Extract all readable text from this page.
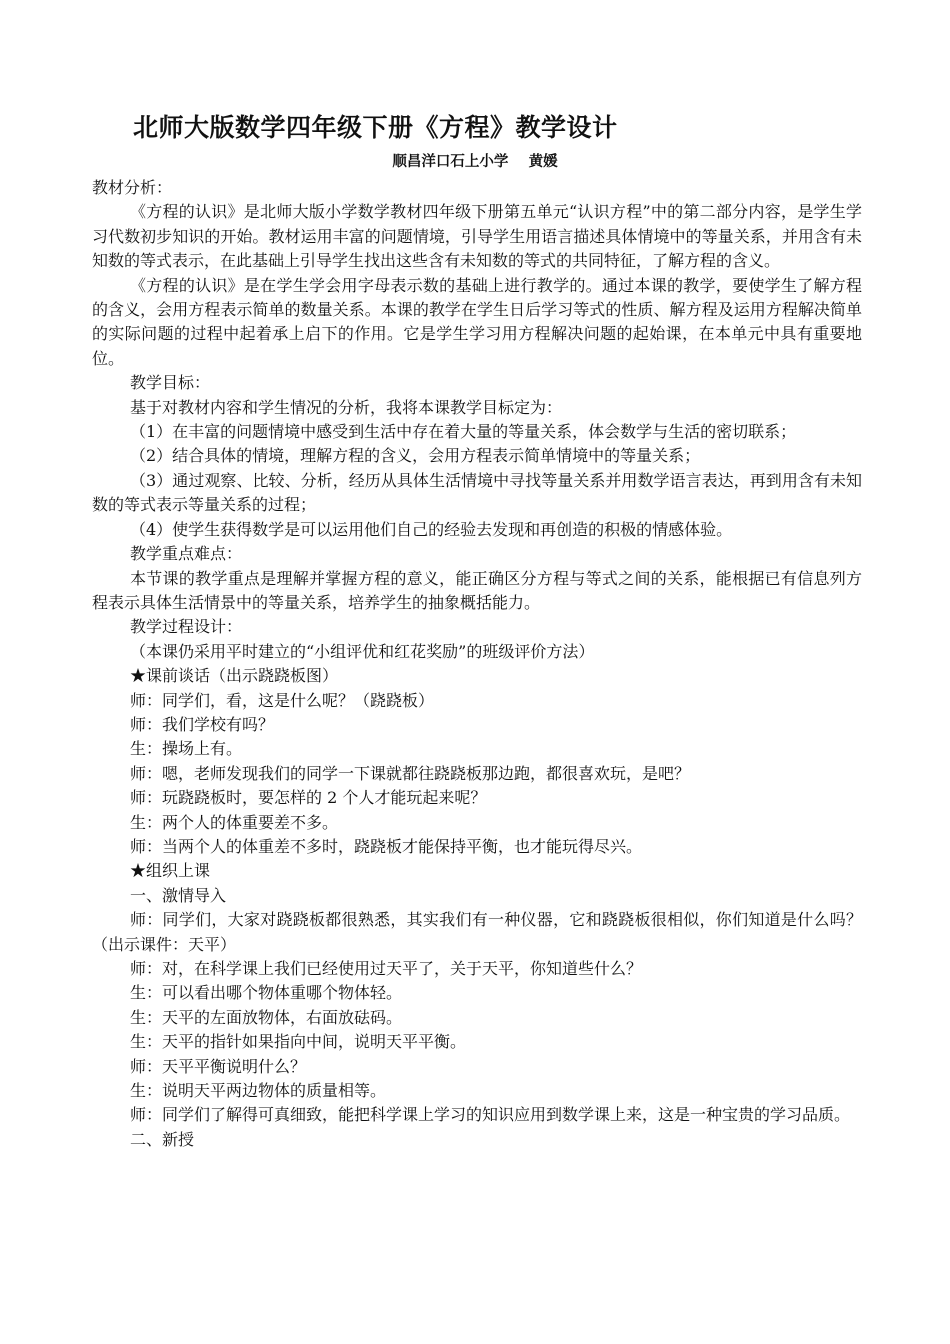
北师大版数学四年级下册《方程》教学设计
顺昌洋口石上小学    黄媛

教材分析：

《方程的认识》是北师大版小学数学教材四年级下册第五单元“认识方程”中的第二部分内容，是学生学习代数初步知识的开始。教材运用丰富的问题情境，引导学生用语言描述具体情境中的等量关系，并用含有未知数的等式表示，在此基础上引导学生找出这些含有未知数的等式的共同特征，了解方程的含义。

《方程的认识》是在学生学会用字母表示数的基础上进行教学的。通过本课的教学，要使学生了解方程的含义，会用方程表示简单的数量关系。本课的教学在学生日后学习等式的性质、解方程及运用方程解决简单的实际问题的过程中起着承上启下的作用。它是学生学习用方程解决问题的起始课，在本单元中具有重要地位。

教学目标：

基于对教材内容和学生情况的分析，我将本课教学目标定为：

（1）在丰富的问题情境中感受到生活中存在着大量的等量关系，体会数学与生活的密切联系；

（2）结合具体的情境，理解方程的含义，会用方程表示简单情境中的等量关系；

（3）通过观察、比较、分析，经历从具体生活情境中寻找等量关系并用数学语言表达，再到用含有未知数的等式表示等量关系的过程；

（4）使学生获得数学是可以运用他们自己的经验去发现和再创造的积极的情感体验。

教学重点难点：

本节课的教学重点是理解并掌握方程的意义，能正确区分方程与等式之间的关系，能根据已有信息列方程表示具体生活情景中的等量关系，培养学生的抽象概括能力。

教学过程设计：

（本课仍采用平时建立的“小组评优和红花奖励”的班级评价方法）

★课前谈话（出示跷跷板图）

师：同学们，看，这是什么呢？（跷跷板）

师：我们学校有吗？

生：操场上有。

师：嗯，老师发现我们的同学一下课就都往跷跷板那边跑，都很喜欢玩，是吧？

师：玩跷跷板时，要怎样的 2 个人才能玩起来呢？

生：两个人的体重要差不多。

师：当两个人的体重差不多时，跷跷板才能保持平衡，也才能玩得尽兴。

★组织上课

一、激情导入

师：同学们，大家对跷跷板都很熟悉，其实我们有一种仪器，它和跷跷板很相似，你们知道是什么吗？（出示课件：天平）

师：对，在科学课上我们已经使用过天平了，关于天平，你知道些什么？

生：可以看出哪个物体重哪个物体轻。

生：天平的左面放物体，右面放砝码。

生：天平的指针如果指向中间，说明天平平衡。

师：天平平衡说明什么？

生：说明天平两边物体的质量相等。

师：同学们了解得可真细致，能把科学课上学习的知识应用到数学课上来，这是一种宝贵的学习品质。

二、新授
